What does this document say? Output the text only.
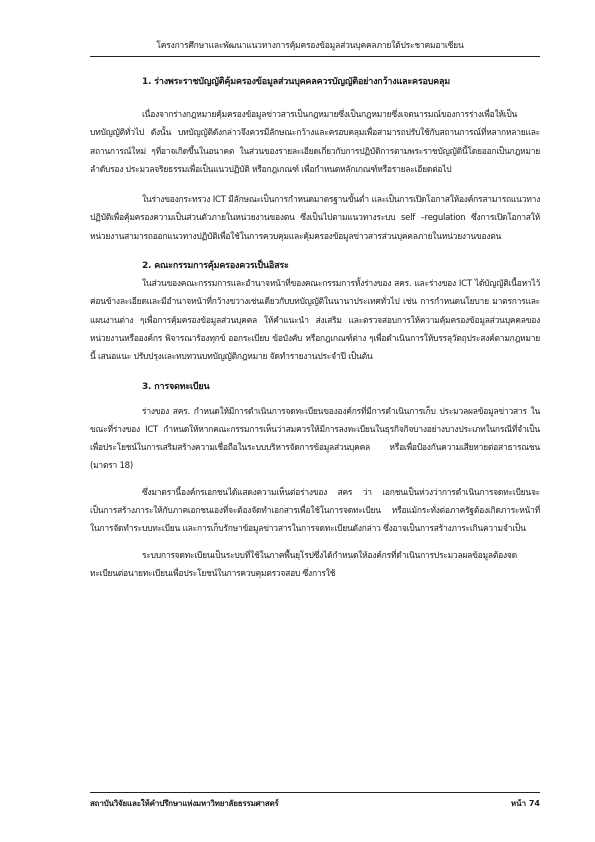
โครงการศึกษาและพัฒนาแนวทางการคุ้มครองข้อมูลส่วนบุคคลภายใต้ประชาคมอาเซียน
1. ร่างพระราชบัญญัติคุ้มครองข้อมูลส่วนบุคคลควรบัญญัติอย่างกว้างและครอบคลุม

เนื่องจากร่างกฎหมายคุ้มครองข้อมูลข่าวสารเป็นกฎหมายซึ่งเป็นกฎหมายซึ่งเจตนารมณ์ของการร่างเพื่อให้เป็นบทบัญญัติทั่วไป ดังนั้น บทบัญญัติดังกล่าวจึงควรมีลักษณะกว้างและครอบคลุมเพื่อสามารถปรับใช้กับสถานการณ์ที่หลากหลายและสถานการณ์ใหม่ ๆที่อาจเกิดขึ้นในอนาคต ในส่วนของรายละเอียดเกี่ยวกับการปฏิบัติการตามพระราชบัญญัตินี้โดยออกเป็นกฎหมายลำดับรอง ประมวลจริยธรรมเพื่อเป็นแนวปฏิบัติ หรือกฎเกณฑ์ เพื่อกำหนดหลักเกณฑ์หรือรายละเอียดต่อไป

ในร่างของกระทรวง ICT มีลักษณะเป็นการกำหนดมาตรฐานขั้นต่ำ และเป็นการเปิดโอกาสให้องค์กรสามารถแนวทางปฏิบัติเพื่อคุ้มครองความเป็นส่วนตัวภายในหน่วยงานของตน ซึ่งเป็นไปตามแนวทางระบบ self –regulation ซึ่งการเปิดโอกาสให้หน่วยงานสามารถออกแนวทางปฏิบัติเพื่อใช้ในการควบคุมและคุ้มครองข้อมูลข่าวสารส่วนบุคคลภายในหน่วยงานของตน

2. คณะกรรมการคุ้มครองควรเป็นอิสระ

ในส่วนของคณะกรรมการและอำนาจหน้าที่ของคณะกรรมการทั้งร่างของ สคร. และร่างของ ICT ได้บัญญัติเนื้อหาไว้ค่อนข้างละเอียดและมีอำนาจหน้าที่กว้างขวางเช่นเดียวกับบทบัญญัติในนานาประเทศทั่วไป เช่น การกำหนดนโยบาย มาตรการและแผนงานต่าง ๆเพื่อการคุ้มครองข้อมูลส่วนบุคคล ให้คำแนะนำ ส่งเสริม และตรวจสอบการให้ความคุ้มครองข้อมูลส่วนบุคคลของหน่วยงานหรือองค์กร พิจารณาร้องทุกข์ ออกระเบียบ ข้อบังคับ หรือกฎเกณฑ์ต่าง ๆเพื่อดำเนินการให้บรรลุวัตถุประสงค์ตามกฎหมายนี้ เสนอแนะ ปรับปรุงและทบทวนบทบัญญัติกฎหมาย จัดทำรายงานประจำปี เป็นต้น

3. การจดทะเบียน

ร่างของ สคร. กำหนดให้มีการดำเนินการจดทะเบียนขององค์กรที่มีการดำเนินการเก็บ ประมวลผลข้อมูลข่าวสาร ในขณะที่ร่างของ ICT กำหนดให้หากคณะกรรมการเห็นว่าสมควรให้มีการลงทะเบียนในธุรกิจกิจบางอย่างบางประเภทในกรณีที่จำเป็นเพื่อประโยชน์ในการเสริมสร้างความเชื่อถือในระบบบริหารจัดการข้อมูลส่วนบุคคล หรือเพื่อป้องกันความเสียหายต่อสาธารณชน (มาตรา 18)

ซึ่งมาตรานี้องค์กรเอกชนได้แสดงความเห็นต่อร่างของ สคร ว่า เอกชนเป็นห่วงว่าการดำเนินการจดทะเบียนจะเป็นการสร้างภาระให้กับภาคเอกชนเองที่จะต้องจัดทำเอกสารเพื่อใช้ในการจดทะเบียน หรือแม้กระทั่งต่อภาครัฐต้องเกิดภาระหน้าที่ในการจัดทำระบบทะเบียน และการเก็บรักษาข้อมูลข่าวสารในการจดทะเบียนดังกล่าว ซึ่งอาจเป็นการสร้างภาระเกินความจำเป็น

ระบบการจดทะเบียนเป็นระบบที่ใช้ในภาคพื้นยุโรปซึ่งได้กำหนดให้องค์กรที่ดำเนินการประมวลผลข้อมูลต้องจดทะเบียนต่อนายทะเบียนเพื่อประโยชน์ในการควบคุมตรวจสอบ ซึ่งการใช้

สถาบันวิจัยและให้คำปรึกษาแห่งมหาวิทยาลัยธรรมศาสตร์	หน้า 74
